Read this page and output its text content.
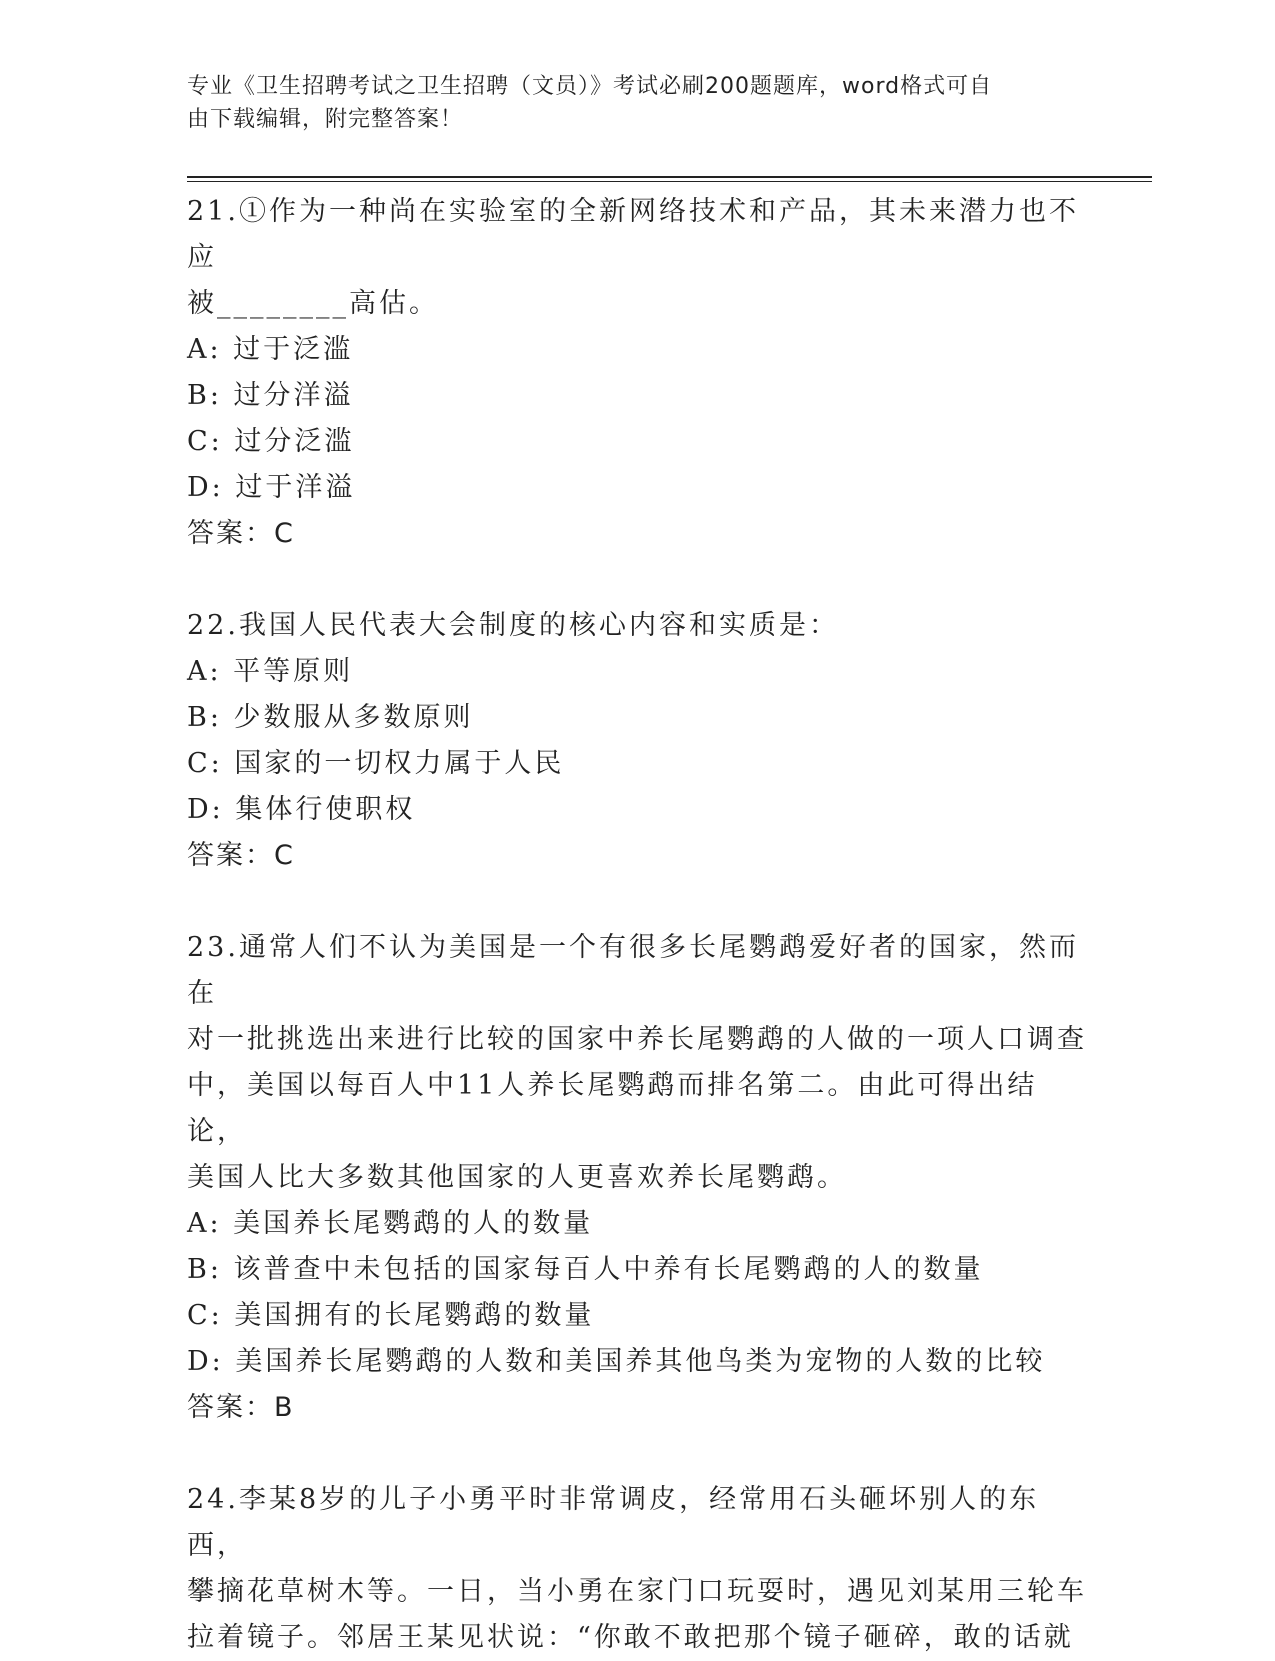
专业《卫生招聘考试之卫生招聘（文员）》考试必刷200题题库，word格式可自
由下载编辑，附完整答案！

21.①作为一种尚在实验室的全新网络技术和产品，其未来潜力也不应

被________高估。

A: 过于泛滥

B: 过分洋溢

C: 过分泛滥

D: 过于洋溢

答案：C

22.我国人民代表大会制度的核心内容和实质是：

A: 平等原则

B: 少数服从多数原则

C: 国家的一切权力属于人民

D: 集体行使职权

答案：C

23.通常人们不认为美国是一个有很多长尾鹦鹉爱好者的国家，然而在

对一批挑选出来进行比较的国家中养长尾鹦鹉的人做的一项人口调查

中，美国以每百人中11人养长尾鹦鹉而排名第二。由此可得出结论，

美国人比大多数其他国家的人更喜欢养长尾鹦鹉。

A: 美国养长尾鹦鹉的人的数量

B: 该普查中未包括的国家每百人中养有长尾鹦鹉的人的数量

C: 美国拥有的长尾鹦鹉的数量

D: 美国养长尾鹦鹉的人数和美国养其他鸟类为宠物的人数的比较

答案：B

24.李某8岁的儿子小勇平时非常调皮，经常用石头砸坏别人的东西，

攀摘花草树木等。一日，当小勇在家门口玩耍时，遇见刘某用三轮车

拉着镜子。邻居王某见状说：“你敢不敢把那个镜子砸碎，敢的话就
